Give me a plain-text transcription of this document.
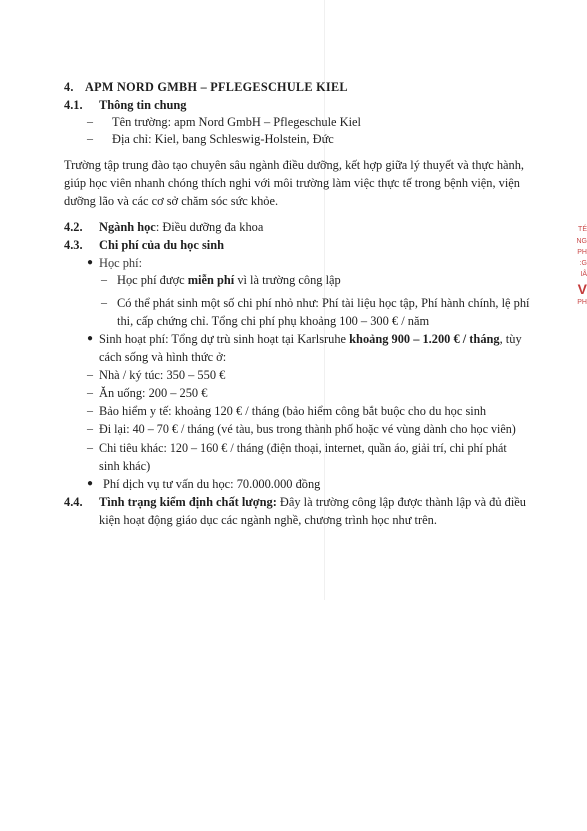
4. APM NORD GMBH – PFLEGESCHULE KIEL
4.1. Thông tin chung
– Tên trường: apm Nord GmbH – Pflegeschule Kiel
– Địa chỉ: Kiel, bang Schleswig-Holstein, Đức
Trường tập trung đào tạo chuyên sâu ngành điều dưỡng, kết hợp giữa lý thuyết và thực hành,
giúp học viên nhanh chóng thích nghi với môi trường làm việc thực tế trong bệnh viện, viện
dưỡng lão và các cơ sở chăm sóc sức khỏe.
4.2. Ngành học: Điều dưỡng đa khoa
4.3. Chi phí của du học sinh
● Học phí:
– Học phí được miễn phí vì là trường công lập
– Có thể phát sinh một số chi phí nhỏ như: Phí tài liệu học tập, Phí hành chính, lệ phí
thi, cấp chứng chỉ. Tổng chi phí phụ khoảng 100 – 300 € / năm
● Sinh hoạt phí: Tổng dự trù sinh hoạt tại Karlsruhe khoảng 900 – 1.200 € / tháng, tùy
cách sống và hình thức ở:
– Nhà / ký túc: 350 – 550 €
– Ăn uống: 200 – 250 €
– Bảo hiểm y tế: khoảng 120 € / tháng (bảo hiểm công bắt buộc cho du học sinh
– Đi lại: 40 – 70 € / tháng (vé tàu, bus trong thành phố hoặc vé vùng dành cho học viên)
– Chi tiêu khác: 120 – 160 € / tháng (điện thoại, internet, quần áo, giải trí, chi phí phát
sinh khác)
● Phí dịch vụ tư vấn du học: 70.000.000 đồng
4.4. Tình trạng kiểm định chất lượng: Đây là trường công lập được thành lập và đủ điều
kiện hoạt động giáo dục các ngành nghề, chương trình học như trên.
TÉ
NG
PH
:G
IÂ
V
PH
